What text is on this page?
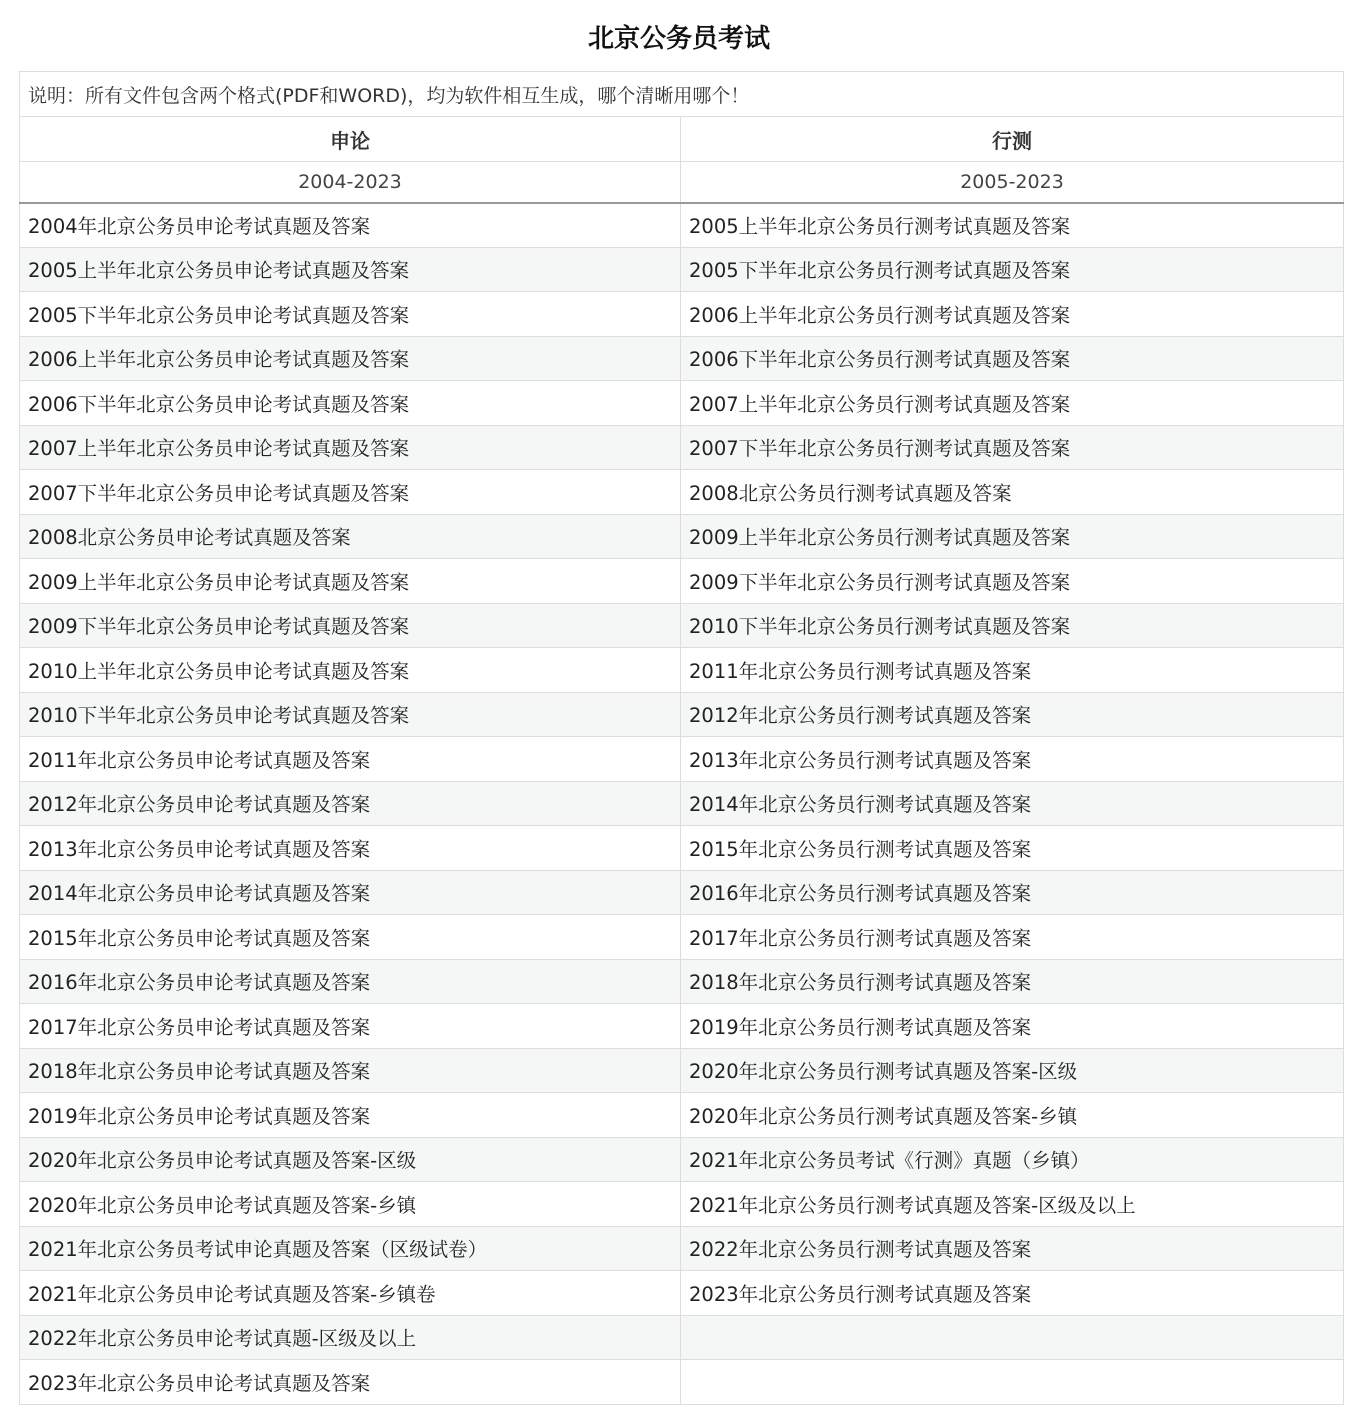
北京公务员考试
说明：所有文件包含两个格式(PDF和WORD)，均为软件相互生成，哪个清晰用哪个！	
申论	行测
2004-2023	2005-2023
2004年北京公务员申论考试真题及答案	2005上半年北京公务员行测考试真题及答案
2005上半年北京公务员申论考试真题及答案	2005下半年北京公务员行测考试真题及答案
2005下半年北京公务员申论考试真题及答案	2006上半年北京公务员行测考试真题及答案
2006上半年北京公务员申论考试真题及答案	2006下半年北京公务员行测考试真题及答案
2006下半年北京公务员申论考试真题及答案	2007上半年北京公务员行测考试真题及答案
2007上半年北京公务员申论考试真题及答案	2007下半年北京公务员行测考试真题及答案
2007下半年北京公务员申论考试真题及答案	2008北京公务员行测考试真题及答案
2008北京公务员申论考试真题及答案	2009上半年北京公务员行测考试真题及答案
2009上半年北京公务员申论考试真题及答案	2009下半年北京公务员行测考试真题及答案
2009下半年北京公务员申论考试真题及答案	2010下半年北京公务员行测考试真题及答案
2010上半年北京公务员申论考试真题及答案	2011年北京公务员行测考试真题及答案
2010下半年北京公务员申论考试真题及答案	2012年北京公务员行测考试真题及答案
2011年北京公务员申论考试真题及答案	2013年北京公务员行测考试真题及答案
2012年北京公务员申论考试真题及答案	2014年北京公务员行测考试真题及答案
2013年北京公务员申论考试真题及答案	2015年北京公务员行测考试真题及答案
2014年北京公务员申论考试真题及答案	2016年北京公务员行测考试真题及答案
2015年北京公务员申论考试真题及答案	2017年北京公务员行测考试真题及答案
2016年北京公务员申论考试真题及答案	2018年北京公务员行测考试真题及答案
2017年北京公务员申论考试真题及答案	2019年北京公务员行测考试真题及答案
2018年北京公务员申论考试真题及答案	2020年北京公务员行测考试真题及答案-区级
2019年北京公务员申论考试真题及答案	2020年北京公务员行测考试真题及答案-乡镇
2020年北京公务员申论考试真题及答案-区级	2021年北京公务员考试《行测》真题（乡镇）
2020年北京公务员申论考试真题及答案-乡镇	2021年北京公务员行测考试真题及答案-区级及以上
2021年北京公务员考试申论真题及答案（区级试卷）	2022年北京公务员行测考试真题及答案
2021年北京公务员申论考试真题及答案-乡镇卷	2023年北京公务员行测考试真题及答案
2022年北京公务员申论考试真题-区级及以上	
2023年北京公务员申论考试真题及答案	
